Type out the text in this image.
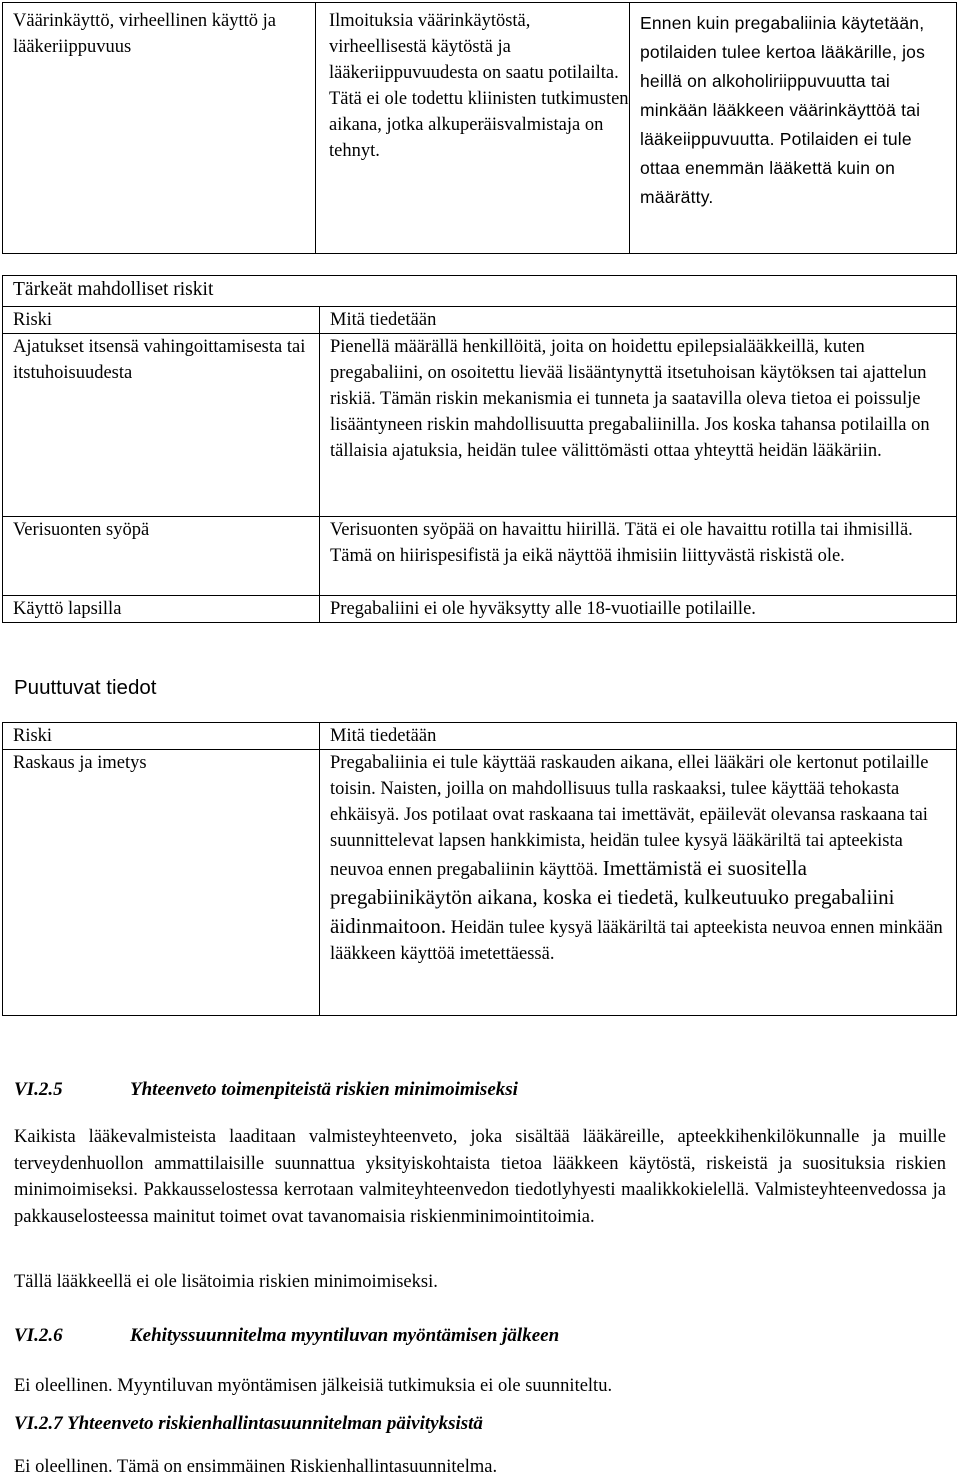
Väärinkäyttö, virheellinen käyttö ja lääkeriippuvuus	Ilmoituksia väärinkäytöstä, virheellisestä käytöstä ja lääkeriippuvuudesta on saatu potilailta. Tätä ei ole todettu kliinisten tutkimusten aikana, jotka alkuperäisvalmistaja on tehnyt.	Ennen kuin pregabaliinia käytetään, potilaiden tulee kertoa lääkärille, jos heillä on alkoholiriippuvuutta tai minkään lääkkeen väärinkäyttöä tai lääkeiippuvuutta. Potilaiden ei tule ottaa enemmän lääkettä kuin on määrätty.
Tärkeät mahdolliset riskit	
Riski	Mitä tiedetään
Ajatukset itsensä vahingoittamisesta tai itstuhoisuudesta	Pienellä määrällä henkillöitä, joita on hoidettu epilepsialääkkeillä, kuten pregabaliini, on osoitettu lievää lisääntynyttä itsetuhoisan käytöksen tai ajattelun riskiä. Tämän riskin mekanismia ei tunneta ja saatavilla oleva tietoa ei poissulje lisääntyneen riskin mahdollisuutta pregabaliinilla. Jos koska tahansa potilailla on tällaisia ajatuksia, heidän tulee välittömästi ottaa yhteyttä heidän lääkäriin.
Verisuonten syöpä	Verisuonten syöpää on havaittu hiirillä. Tätä ei ole havaittu rotilla tai ihmisillä. Tämä on hiirispesifistä ja eikä näyttöä ihmisiin liittyvästä riskistä ole.
Käyttö lapsilla	Pregabaliini ei ole hyväksytty alle 18-vuotiaille potilaille.
Puuttuvat tiedot
Riski	Mitä tiedetään
Raskaus ja imetys	Pregabaliinia ei tule käyttää raskauden aikana, ellei lääkäri ole kertonut potilaille toisin. Naisten, joilla on mahdollisuus tulla raskaaksi, tulee käyttää tehokasta ehkäisyä. Jos potilaat ovat raskaana tai imettävät, epäilevät olevansa raskaana tai suunnittelevat lapsen hankkimista, heidän tulee kysyä lääkäriltä tai apteekista neuvoa ennen pregabaliinin käyttöä. Imettämistä ei suositella pregabiinikäytön aikana, koska ei tiedetä, kulkeutuuko pregabaliini äidinmaitoon. Heidän tulee kysyä lääkäriltä tai apteekista neuvoa ennen minkään lääkkeen käyttöä imetettäessä.
VI.2.5	Yhteenveto toimenpiteistä riskien minimoimiseksi
Kaikista lääkevalmisteista laaditaan valmisteyhteenveto, joka sisältää lääkäreille, apteekkihenkilökunnalle ja muille terveydenhuollon ammattilaisille suunnattua yksityiskohtaista tietoa lääkkeen käytöstä, riskeistä ja suosituksia riskien minimoimiseksi. Pakkausselostessa kerrotaan valmiteyhteenvedon tiedotlyhyesti maalikkokielellä. Valmisteyhteenvedossa ja pakkauselosteessa mainitut toimet ovat tavanomaisia riskienminimointitoimia.
Tällä lääkkeellä ei ole lisätoimia riskien minimoimiseksi.
VI.2.6	Kehityssuunnitelma myyntiluvan myöntämisen jälkeen
Ei oleellinen. Myyntiluvan myöntämisen jälkeisiä tutkimuksia ei ole suunniteltu.
VI.2.7 Yhteenveto riskienhallintasuunnitelman päivityksistä
Ei oleellinen. Tämä on ensimmäinen Riskienhallintasuunnitelma.
